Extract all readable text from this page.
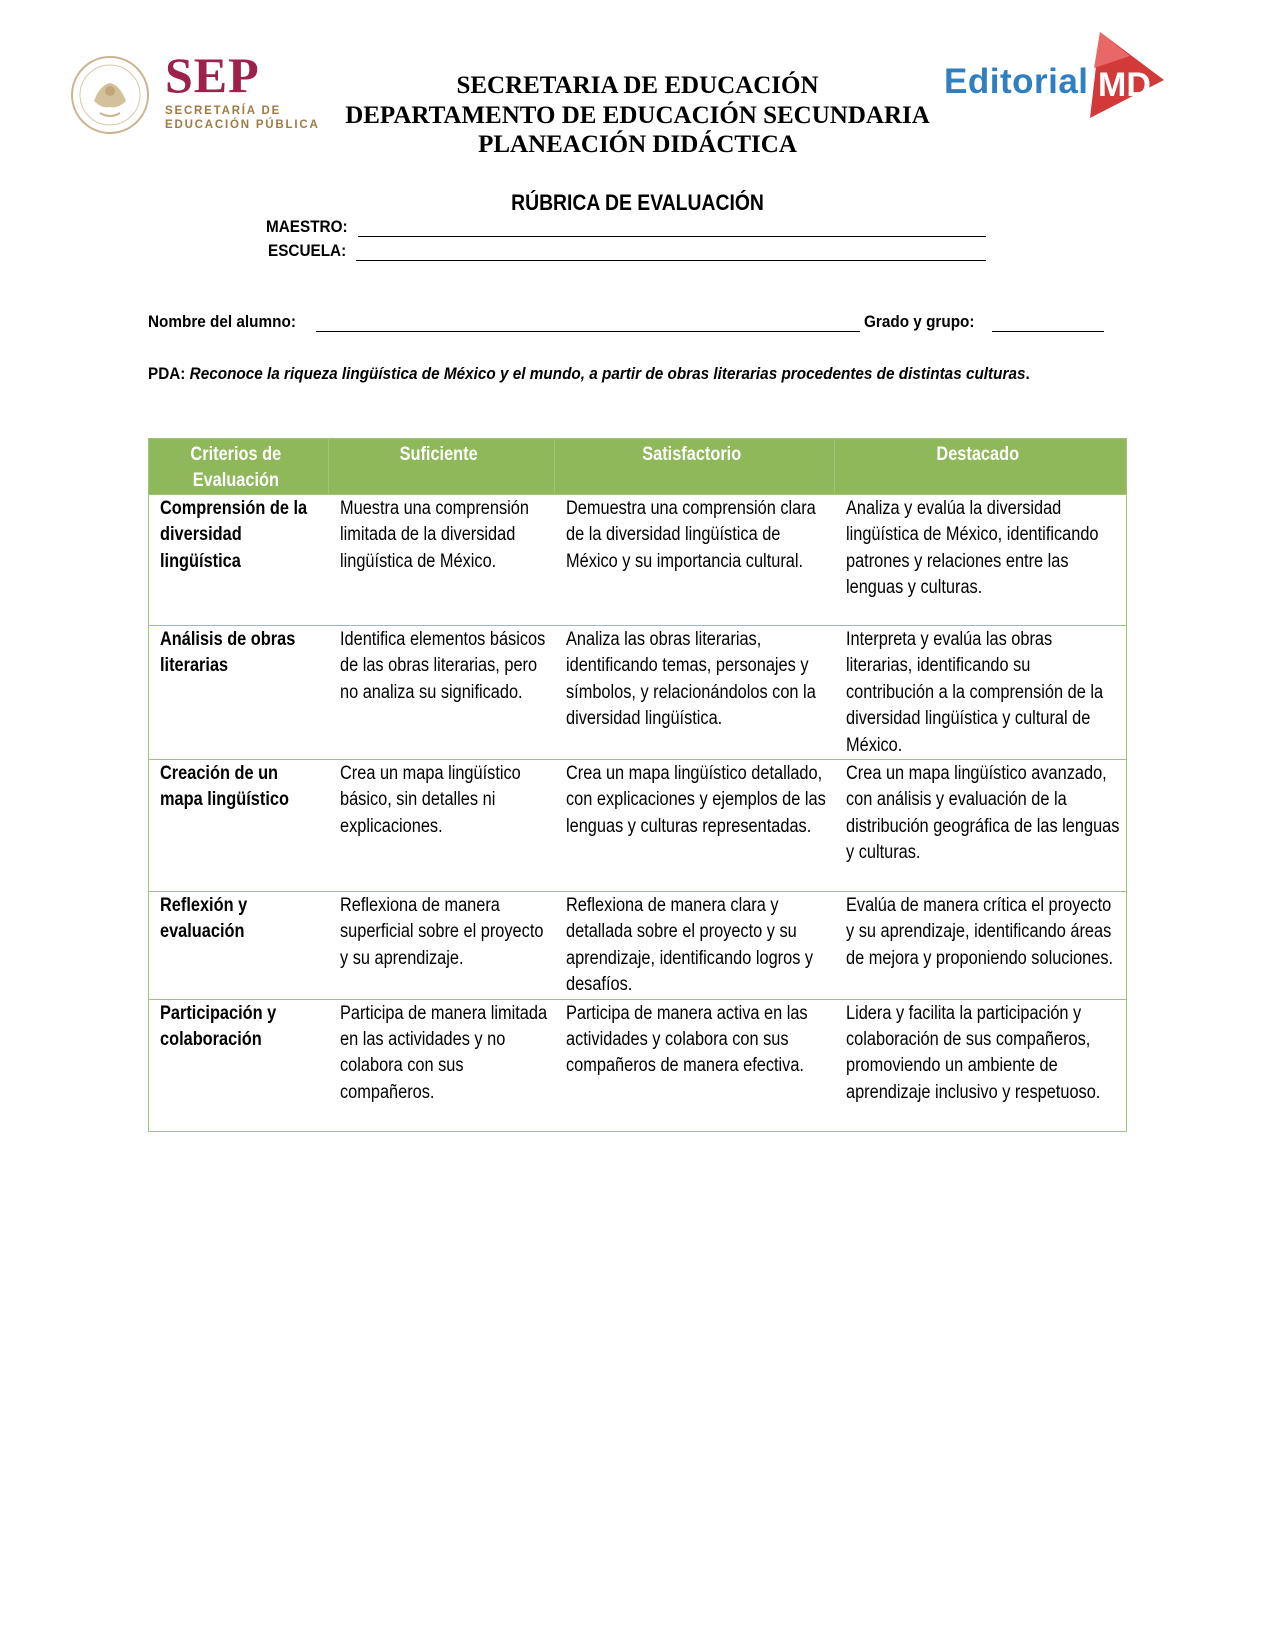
SEP
SECRETARÍA DE
EDUCACIÓN PÚBLICA
Editorial MD
SECRETARIA DE EDUCACIÓN
DEPARTAMENTO DE EDUCACIÓN SECUNDARIA
PLANEACIÓN DIDÁCTICA
RÚBRICA DE EVALUACIÓN
MAESTRO:
ESCUELA:
Nombre del alumno:	Grado y grupo:
PDA: Reconoce la riqueza lingüística de México y el mundo, a partir de obras literarias procedentes de distintas culturas.
Criterios de Evaluación	Suficiente	Satisfactorio	Destacado
Comprensión de la diversidad lingüística	Muestra una comprensión limitada de la diversidad lingüística de México.	Demuestra una comprensión clara de la diversidad lingüística de México y su importancia cultural.	Analiza y evalúa la diversidad lingüística de México, identificando patrones y relaciones entre las lenguas y culturas.
Análisis de obras literarias	Identifica elementos básicos de las obras literarias, pero no analiza su significado.	Analiza las obras literarias, identificando temas, personajes y símbolos, y relacionándolos con la diversidad lingüística.	Interpreta y evalúa las obras literarias, identificando su contribución a la comprensión de la diversidad lingüística y cultural de México.
Creación de un mapa lingüístico	Crea un mapa lingüístico básico, sin detalles ni explicaciones.	Crea un mapa lingüístico detallado, con explicaciones y ejemplos de las lenguas y culturas representadas.	Crea un mapa lingüístico avanzado, con análisis y evaluación de la distribución geográfica de las lenguas y culturas.
Reflexión y evaluación	Reflexiona de manera superficial sobre el proyecto y su aprendizaje.	Reflexiona de manera clara y detallada sobre el proyecto y su aprendizaje, identificando logros y desafíos.	Evalúa de manera crítica el proyecto y su aprendizaje, identificando áreas de mejora y proponiendo soluciones.
Participación y colaboración	Participa de manera limitada en las actividades y no colabora con sus compañeros.	Participa de manera activa en las actividades y colabora con sus compañeros de manera efectiva.	Lidera y facilita la participación y colaboración de sus compañeros, promoviendo un ambiente de aprendizaje inclusivo y respetuoso.
